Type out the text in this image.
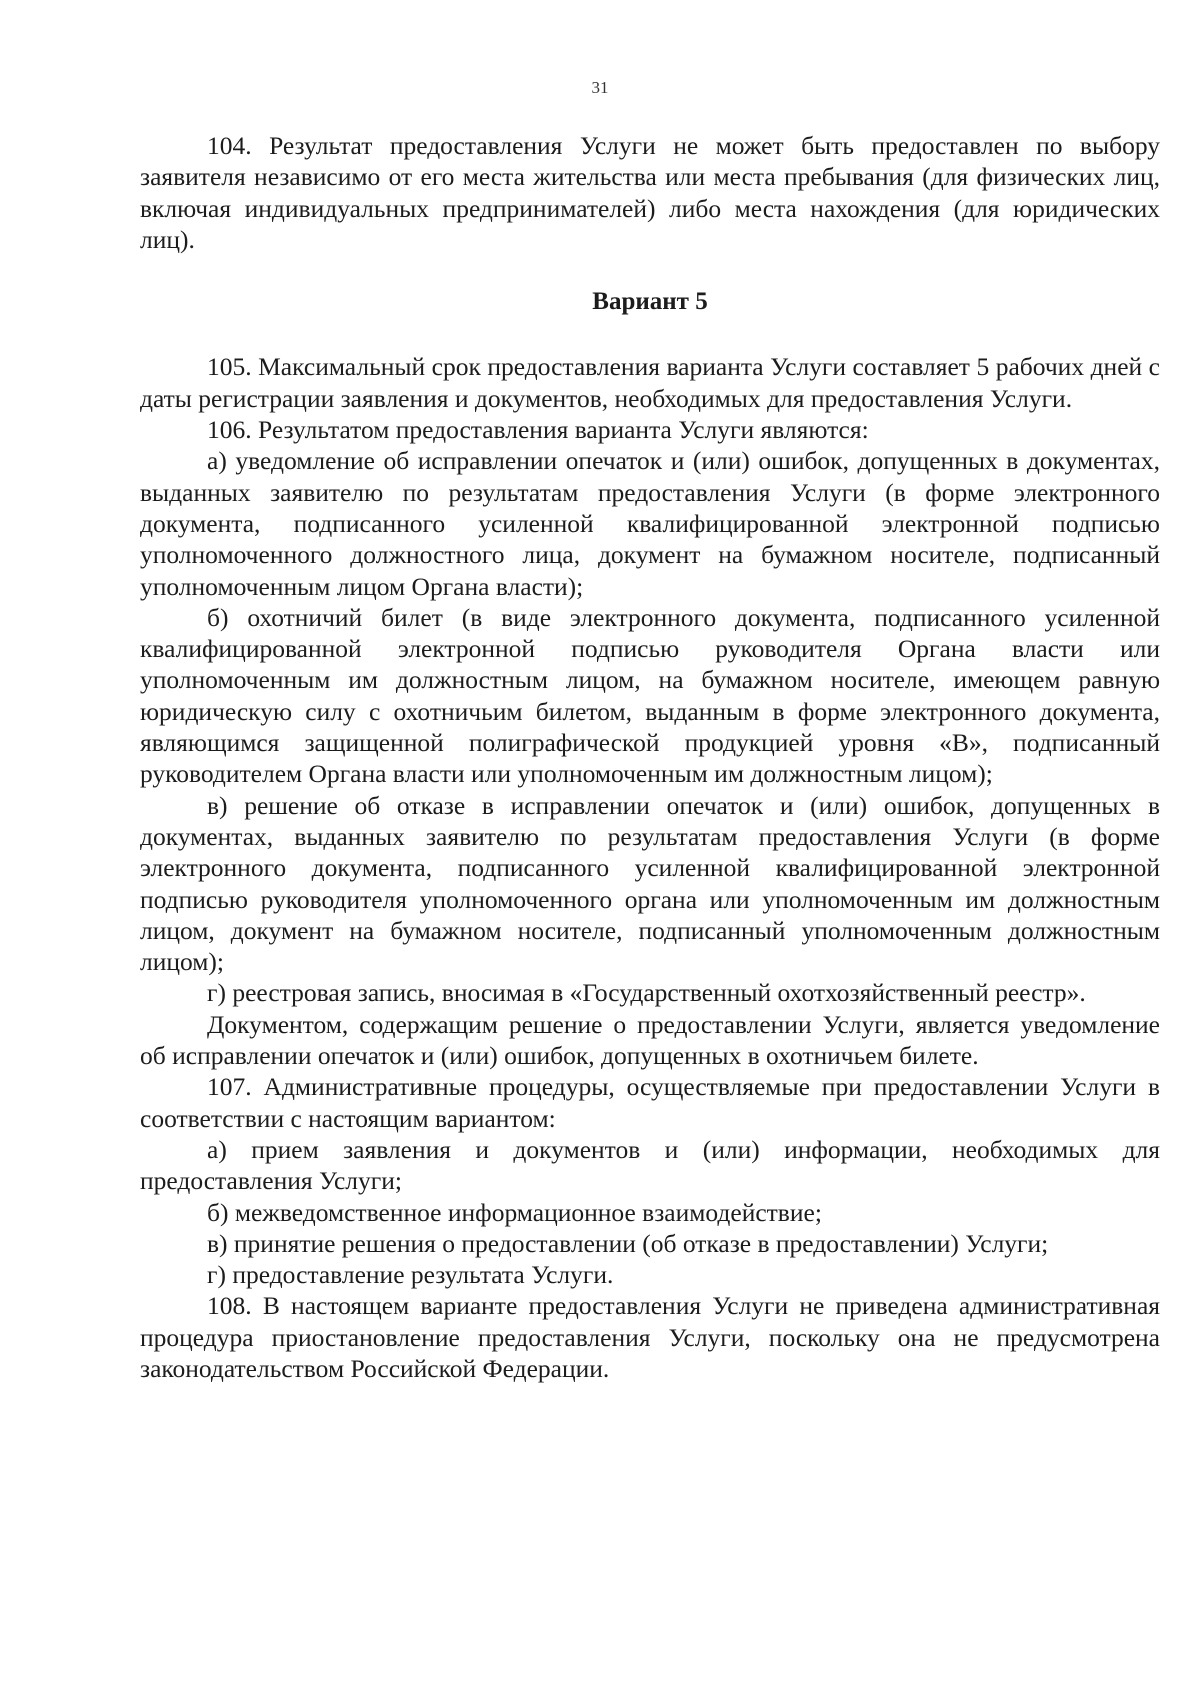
31

104. Результат предоставления Услуги не может быть предоставлен по выбору заявителя независимо от его места жительства или места пребывания (для физических лиц, включая индивидуальных предпринимателей) либо места нахождения (для юридических лиц).

Вариант 5

105. Максимальный срок предоставления варианта Услуги составляет 5 рабочих дней с даты регистрации заявления и документов, необходимых для предоставления Услуги.

106. Результатом предоставления варианта Услуги являются:

а) уведомление об исправлении опечаток и (или) ошибок, допущенных в документах, выданных заявителю по результатам предоставления Услуги (в форме электронного документа, подписанного усиленной квалифицированной электронной подписью уполномоченного должностного лица, документ на бумажном носителе, подписанный уполномоченным лицом Органа власти);

б) охотничий билет (в виде электронного документа, подписанного усиленной квалифицированной электронной подписью руководителя Органа власти или уполномоченным им должностным лицом, на бумажном носителе, имеющем равную юридическую силу с охотничьим билетом, выданным в форме электронного документа, являющимся защищенной полиграфической продукцией уровня «В», подписанный руководителем Органа власти или уполномоченным им должностным лицом);

в) решение об отказе в исправлении опечаток и (или) ошибок, допущенных в документах, выданных заявителю по результатам предоставления Услуги (в форме электронного документа, подписанного усиленной квалифицированной электронной подписью руководителя уполномоченного органа или уполномоченным им должностным лицом, документ на бумажном носителе, подписанный уполномоченным должностным лицом);

г) реестровая запись, вносимая в «Государственный охотхозяйственный реестр».

Документом, содержащим решение о предоставлении Услуги, является уведомление об исправлении опечаток и (или) ошибок, допущенных в охотничьем билете.

107. Административные процедуры, осуществляемые при предоставлении Услуги в соответствии с настоящим вариантом:

а) прием заявления и документов и (или) информации, необходимых для предоставления Услуги;

б) межведомственное информационное взаимодействие;

в) принятие решения о предоставлении (об отказе в предоставлении) Услуги;

г) предоставление результата Услуги.

108. В настоящем варианте предоставления Услуги не приведена административная процедура приостановление предоставления Услуги, поскольку она не предусмотрена законодательством Российской Федерации.
